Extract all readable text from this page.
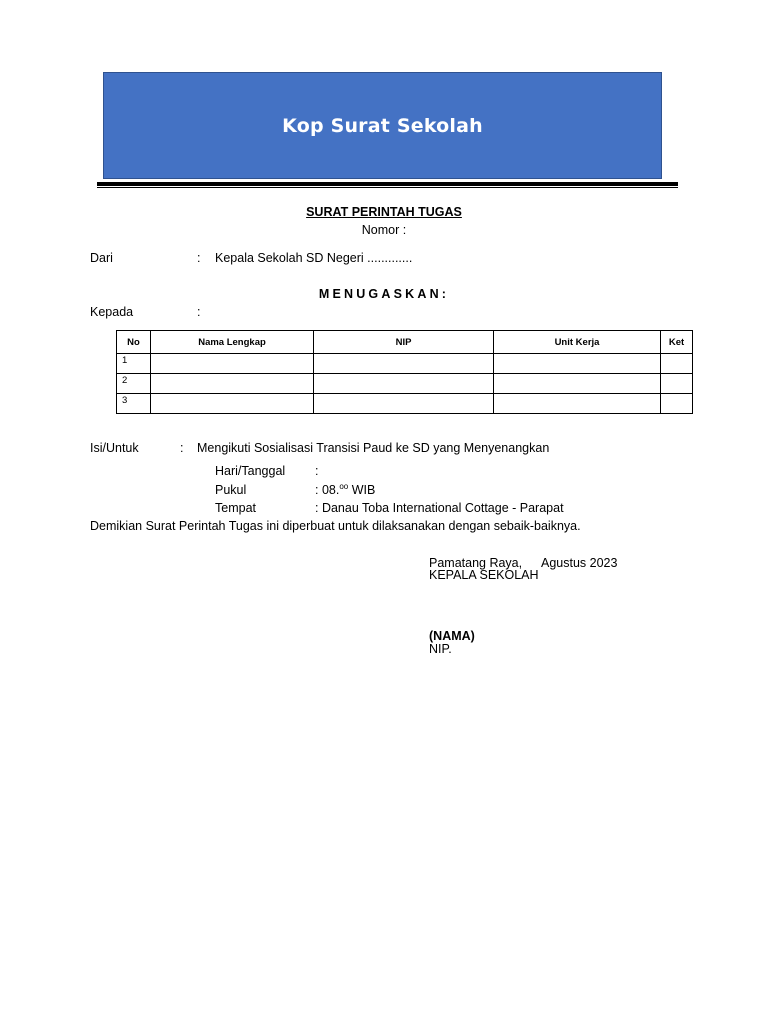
Kop Surat Sekolah
SURAT PERINTAH TUGAS
Nomor :
Dari	: Kepala Sekolah SD Negeri .............
MENUGASKAN:
Kepada	:
No	Nama Lengkap	NIP	Unit Kerja	Ket
1				
2				
3				
Isi/Untuk	: Mengikuti Sosialisasi Transisi Paud ke SD yang Menyenangkan
Hari/Tanggal :
Pukul	: 08.$^{oo}$ WIB
Tempat	: Danau Toba International Cottage - Parapat
Demikian Surat Perintah Tugas ini diperbuat untuk dilaksanakan dengan sebaik-baiknya.
Pamatang Raya, Agustus 2023
KEPALA SEKOLAH
(NAMA)
NIP.
